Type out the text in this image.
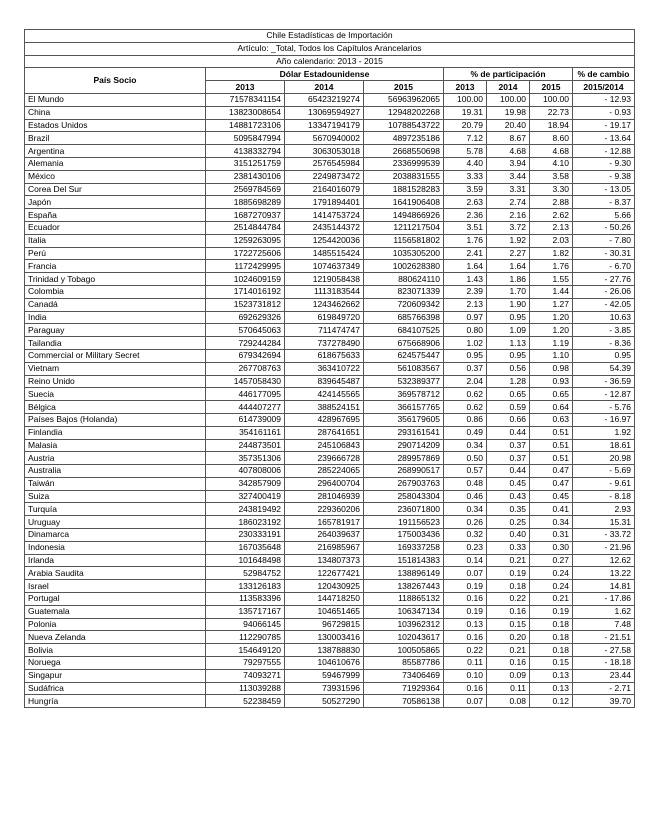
Chile Estadísticas de Importación							
Artículo: _Total, Todos los Capítulos Arancelarios							
Año calendario: 2013 - 2015							
País Socio	Dólar Estadounidense			% de participación			% de cambio
	2013	2014	2015	2013	2014	2015	2015/2014
El Mundo	71578341154	65423219274	56963962065	100.00	100.00	100.00	- 12.93
China	13823008654	13069594927	12948202268	19.31	19.98	22.73	- 0.93
Estados Unidos	14881723106	13347194179	10788543722	20.79	20.40	18.94	- 19.17
Brazil	5095847994	5670940002	4897235186	7.12	8.67	8.60	- 13.64
Argentina	4138332794	3063053018	2668550698	5.78	4.68	4.68	- 12.88
Alemania	3151251759	2576545984	2336999539	4.40	3.94	4.10	- 9.30
México	2381430106	2249873472	2038831555	3.33	3.44	3.58	- 9.38
Corea Del Sur	2569784569	2164016079	1881528283	3.59	3.31	3.30	- 13.05
Japón	1885698289	1791894401	1641906408	2.63	2.74	2.88	- 8.37
España	1687270937	1414753724	1494866926	2.36	2.16	2.62	5.66
Ecuador	2514844784	2435144372	1211217504	3.51	3.72	2.13	- 50.26
Italia	1259263095	1254420036	1156581802	1.76	1.92	2.03	- 7.80
Perú	1722725606	1485515424	1035305200	2.41	2.27	1.82	- 30.31
Francia	1172429995	1074637349	1002628380	1.64	1.64	1.76	- 6.70
Trinidad y Tobago	1024609159	1219058438	880624110	1.43	1.86	1.55	- 27.76
Colombia	1714016192	1113183544	823071339	2.39	1.70	1.44	- 26.06
Canadá	1523731812	1243462662	720609342	2.13	1.90	1.27	- 42.05
India	692629326	619849720	685766398	0.97	0.95	1.20	10.63
Paraguay	570645063	711474747	684107525	0.80	1.09	1.20	- 3.85
Tailandia	729244284	737278490	675668906	1.02	1.13	1.19	- 8.36
Commercial or Military Secret	679342694	618675633	624575447	0.95	0.95	1.10	0.95
Vietnam	267708763	363410722	561083567	0.37	0.56	0.98	54.39
Reino Unido	1457058430	839645487	532389377	2.04	1.28	0.93	- 36.59
Suecia	446177095	424145565	369578712	0.62	0.65	0.65	- 12.87
Bélgica	444407277	388524151	366157765	0.62	0.59	0.64	- 5.76
Países Bajos (Holanda)	614739009	428967695	356179605	0.86	0.66	0.63	- 16.97
Finlandia	354161161	287641651	293161541	0.49	0.44	0.51	1.92
Malasia	244873501	245106843	290714209	0.34	0.37	0.51	18.61
Austria	357351306	239666728	289957869	0.50	0.37	0.51	20.98
Australia	407808006	285224065	268990517	0.57	0.44	0.47	- 5.69
Taiwán	342857909	296400704	267903763	0.48	0.45	0.47	- 9.61
Suiza	327400419	281046939	258043304	0.46	0.43	0.45	- 8.18
Turquía	243819492	229360206	236071800	0.34	0.35	0.41	2.93
Uruguay	186023192	165781917	191156523	0.26	0.25	0.34	15.31
Dinamarca	230333191	264039637	175003436	0.32	0.40	0.31	- 33.72
Indonesia	167035648	216985967	169337258	0.23	0.33	0.30	- 21.96
Irlanda	101648498	134807373	151814383	0.14	0.21	0.27	12.62
Arabia Saudita	52984752	122677421	138896149	0.07	0.19	0.24	13.22
Israel	133126183	120430925	138267443	0.19	0.18	0.24	14.81
Portugal	113583396	144718250	118865132	0.16	0.22	0.21	- 17.86
Guatemala	135717167	104651465	106347134	0.19	0.16	0.19	1.62
Polonia	94066145	96729815	103962312	0.13	0.15	0.18	7.48
Nueva Zelanda	112290785	130003416	102043617	0.16	0.20	0.18	- 21.51
Bolivia	154649120	138788830	100505865	0.22	0.21	0.18	- 27.58
Noruega	79297555	104610676	85587786	0.11	0.16	0.15	- 18.18
Singapur	74093271	59467999	73406469	0.10	0.09	0.13	23.44
Sudáfrica	113039288	73931596	71929364	0.16	0.11	0.13	- 2.71
Hungría	52238459	50527290	70586138	0.07	0.08	0.12	39.70
